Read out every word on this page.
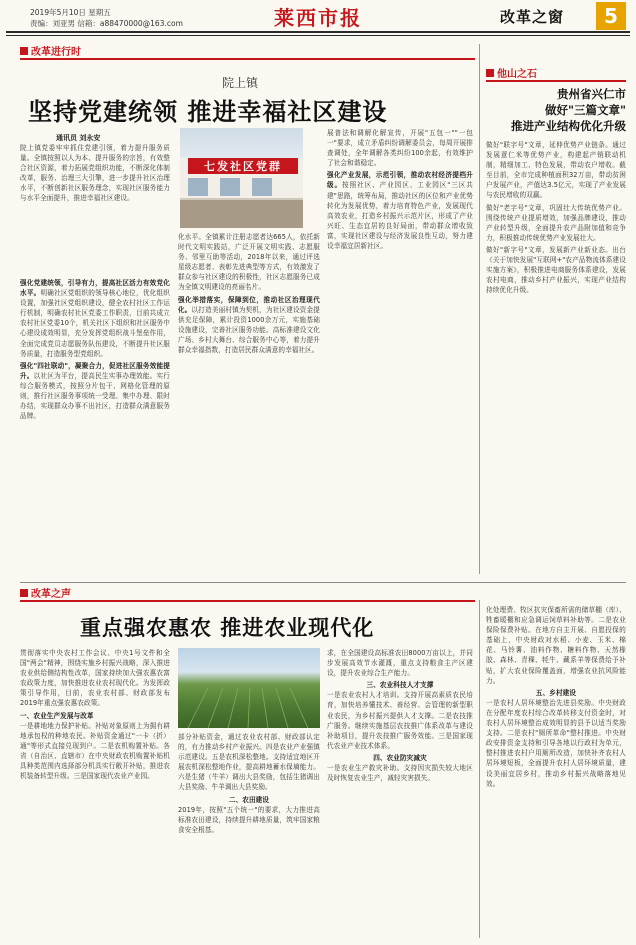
2019年5月10日 星期五
责编：刘亚男 信箱：a88470000@163.com	莱西市报	改革之窗	5
改革进行时
院上镇
坚持党建统领 推进幸福社区建设
七发社区党群
通讯员 刘永安
院上镇党委牢牢抓住党建引领，着力提升服务质量。全镇按照以人为本、提升服务的宗旨，有效整合社区资源，着力拓展党组织功能，不断深化体制改革，服务、治理三大引擎，进一步提升社区治理水平，不断创新社区服务理念，实现社区服务能力与水平全面提升，推进幸福社区建设。

强化党建统领，引导有力，提高社区活力有效党化水平。明确社区党组织的领导核心地位，优化组织设置，加强社区党组织建设，健全农村社区工作运行机制，明确农村社区党委工作职责，目前共成立农村社区党委10个，机关社区下组织和社区服务中心建设成效明显，充分发挥党组织战斗堡垒作用，全面完成党员志愿服务队伍建设，不断提升社区服务质量，打造服务型党组织。

强化"四社联动"，凝聚合力，促进社区服务效能提升。以社区为平台，提高民生实事办理效能。实行综合服务模式，按照分片包干、网格化管理的原则，推行社区服务事项统一受理、集中办理、限时办结，实现群众办事不出社区，打造群众满意服务品牌。

化水平。全镇累计注册志愿者达665人，依托新时代文明实践站，广泛开展文明实践、志愿服务、邻里互助等活动，2018年以来，通过评选星级志愿者、表彰先进典型等方式，有效激发了群众参与社区建设的积极性，社区志愿服务已成为全镇文明建设的亮丽名片。

强化举措落实，保障到位，推动社区治理现代化。以打造美丽村镇为契机，为社区建设资金提供充足保障，累计投资1000余万元，实施基础设施建设，完善社区服务功能。高标准建设文化广场、乡村大舞台、综合服务中心等，着力提升群众幸福指数，打造居民群众满意的幸福社区。

展普法和调解化解宣传，开展"五包一""一包一"要求，成立矛盾纠纷调解委员会，每周开展排查调处，全年调解各类纠纷100余起，有效维护了社会和谐稳定。

强化产业发展，示范引领，推动农村经济提档升级。按照社区、产业园区、工业园区"三区共建"思路，统筹布局，推动社区的区位和产业优势转化为发展优势，着力培育特色产业，发展现代高效农业，打造乡村振兴示范片区，形成了产业兴旺、生态宜居的良好局面，带动群众增收致富，实现社区建设与经济发展良性互动，努力建设幸福宜居新社区。

他山之石
贵州省兴仁市
做好"三篇文章"
推进产业结构优化升级

做好"联字号"文章，延伸优势产业链条。通过发展薏仁米等优势产业，构建起产销联动机制，精细加工、特色发展，带动农户增收。截至目前，全市完成种植面积32万亩，带动贫困户发展产业，产值达3.5亿元，实现了产业发展与农民增收的双赢。

做好"老字号"文章，巩固壮大传统优势产业。围绕传统产业提质增效，加强品牌建设，推动产业转型升级，全面提升农产品附加值和竞争力，积极推动传统优势产业发展壮大。

做好"新字号"文章，发展新产业新业态。出台《关于加快发展"互联网+"农产品物流体系建设实施方案》，积极推进电商服务体系建设，发展农村电商，推动乡村产业振兴，实现产业结构持续优化升级。

改革之声
重点强农惠农 推进农业现代化

贯彻落实中央农村工作会议、中央1号文件和全国"两会"精神，围绕实施乡村振兴战略，深入推进农业供给侧结构性改革，国家持续加大强农惠农富农政策力度，加快推进农业农村现代化。为发挥政策引导作用，目前，农业农村部、财政部发布2019年重点强农惠农政策。

一、农业生产发展与改革

一是耕地地力保护补贴。补贴对象原则上为拥有耕地承包权的种地农民。补贴资金通过"一卡（折）通"等形式直接兑现到户。二是农机购置补贴。各省（自治区、直辖市）在中央财政农机购置补贴机具种类范围内选择部分机具实行敞开补贴，推进农机装备转型升级。三是国家现代农业产业园。

部分补贴资金，通过农业农村部、财政部认定的，有力推动乡村产业振兴。四是农业产业强镇示范建设。五是农机深松整地。支持适宜地区开展农机深松整地作业，提高耕地蓄水保墒能力。六是生猪（牛羊）调出大县奖励，包括生猪调出大县奖励、牛羊调出大县奖励。

二、农田建设

2019年，按照"五个统一"的要求，大力推进高标准农田建设，持续提升耕地质量，筑牢国家粮食安全根基。

求，在全国建设高标准农田8000万亩以上，并同步发展高效节水灌溉，重点支持粮食主产区建设，提升农业综合生产能力。

三、农业科技人才支撑

一是农业农村人才培训。支持开展高素质农民培育，加快培养懂技术、善经营、会管理的新型职业农民，为乡村振兴提供人才支撑。二是农技推广服务。继续实施基层农技推广体系改革与建设补助项目，提升农技推广服务效能。三是国家现代农业产业技术体系。

四、农业防灾减灾

一是农业生产救灾补助。支持因灾损失较大地区及时恢复农业生产，减轻灾害损失。

化处理费、牧区抗灾保畜所需的储草棚（库）、牲畜暖棚和应急调运饲草料补助等。二是农业保险保费补贴。在地方自主开展、自愿投保的基础上，中央财政对水稻、小麦、玉米、棉花、马铃薯、油料作物、糖料作物、天然橡胶、森林、青稞、牦牛、藏系羊等保费给予补贴，扩大农业保险覆盖面，增强农业抗风险能力。

五、乡村建设

一是农村人居环境整治先进县奖励。中央财政在分配年度农村综合改革转移支付资金时，对农村人居环境整治成效明显的县予以适当奖励支持。二是农村"厕所革命"整村推进。中央财政安排资金支持和引导各地以行政村为单元，整村推进农村户用厕所改造，加快补齐农村人居环境短板，全面提升农村人居环境质量，建设美丽宜居乡村，推动乡村振兴战略落地见效。
